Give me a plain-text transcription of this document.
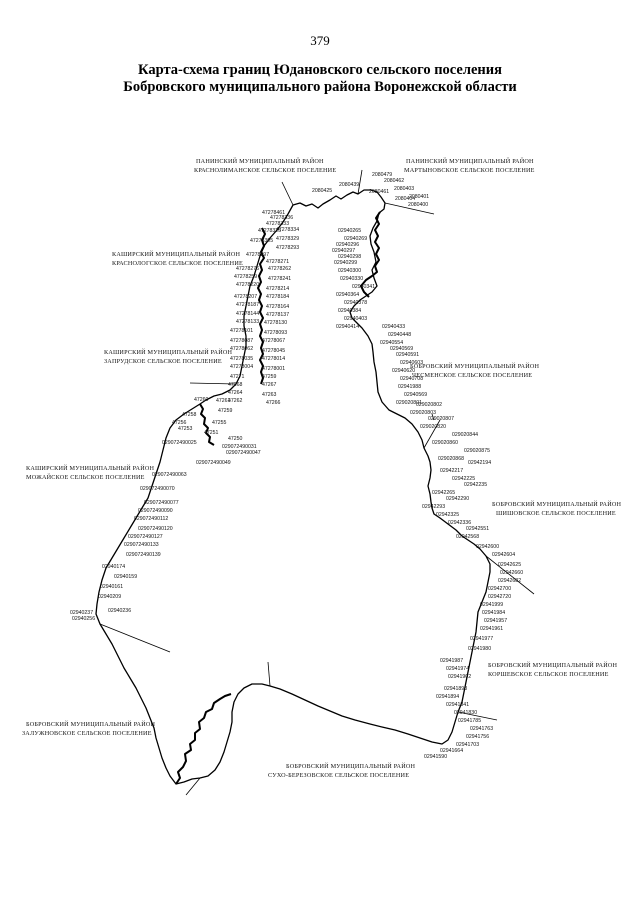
379
Карта-схема границ Юдановского сельского поселения
Бобровского муниципального района Воронежской области
ПАНИНСКИЙ МУНИЦИПАЛЬНЫЙ РАЙОН
КРАСНОЛИМАНСКОЕ СЕЛЬСКОЕ ПОСЕЛЕНИЕ
ПАНИНСКИЙ МУНИЦИПАЛЬНЫЙ РАЙОН
МАРТЫНОВСКОЕ СЕЛЬСКОЕ ПОСЕЛЕНИЕ
КАШИРСКИЙ МУНИЦИПАЛЬНЫЙ РАЙОН
КРАСНОЛОГСКОЕ СЕЛЬСКОЕ ПОСЕЛЕНИЕ
КАШИРСКИЙ МУНИЦИПАЛЬНЫЙ РАЙОН
ЗАПРУДСКОЕ СЕЛЬСКОЕ ПОСЕЛЕНИЕ
БОБРОВСКИЙ МУНИЦИПАЛЬНЫЙ РАЙОН
ЧЕСМЕНСКОЕ СЕЛЬСКОЕ ПОСЕЛЕНИЕ
КАШИРСКИЙ МУНИЦИПАЛЬНЫЙ РАЙОН
МОЖАЙСКОЕ СЕЛЬСКОЕ ПОСЕЛЕНИЕ
БОБРОВСКИЙ МУНИЦИПАЛЬНЫЙ РАЙОН
ШИШОВСКОЕ СЕЛЬСКОЕ ПОСЕЛЕНИЕ
БОБРОВСКИЙ МУНИЦИПАЛЬНЫЙ РАЙОН
КОРШЕВСКОЕ СЕЛЬСКОЕ ПОСЕЛЕНИЕ
БОБРОВСКИЙ МУНИЦИПАЛЬНЫЙ РАЙОН
ЗАЛУЖНОВСКОЕ СЕЛЬСКОЕ ПОСЕЛЕНИЕ
БОБРОВСКИЙ МУНИЦИПАЛЬНЫЙ РАЙОН
СУХО-БЕРЕЗОВСКОЕ СЕЛЬСКОЕ ПОСЕЛЕНИЕ
2080439
2080479
2080425
2080462
2080461 2080403
2080404
2080401
2080400
47278461
47278336
47278333
47278325
47278334
47278329
47278305
47278293
47278297
47278271
47278276 47278262
47278259 47278241
47278220
47278214
47278207 47278184
47278187 47278164
47278144 47278137
47278133 47278130
47278101 47278093
47278087 47278067
47278062 47278045
47278035 47278014
47278004 47278001
47271	47259
47268	47267
47264	47263
47262	47266
47261
47260
47259
47258
47256	47255
47253
47251
47250
029072490025
029072490031
029072490047
029072490049
029072490063
029072490070
029072490077
029072490090
029072490112
029072490120
029072490127
029072490133
029072490139
02940174
02940159
02940161
02940209
02940236
02940237
02940256
02940265
02940269
02940296
02940297
02940298
02940299
02940300
02940330
02940341
02940364
02940378
02940384
02940403
02940414	02940433
02940448
02940554
02940569
02940591
02940603
02940620
02940708
02941988
02940569
029020801
029020802
029020803
029020807
029020820
029020844
029020860
029020875
029020868
02942194
02942217
02942225
02942235
02942265
02942290
02942293
02942325
02942336
02942551
02942568
02942600
02942604
02942625
02942660
02942682
02942700
02942720
02941999
02941984
02941957
02941961
02941977
02941980
02941987
02941974
02941902
02941898
02941894
02941841
02941830
02941785
02941763
02941756
02941703
02941664
02941590
